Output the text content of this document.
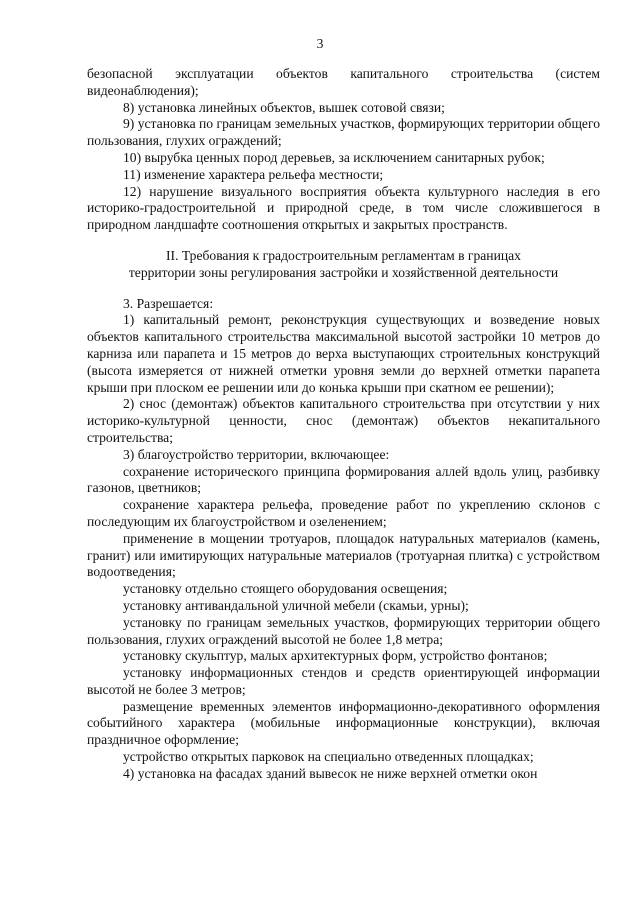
3

безопасной эксплуатации объектов капитального строительства (систем видеонаблюдения);

8) установка линейных объектов, вышек сотовой связи;

9) установка по границам земельных участков, формирующих территории общего пользования, глухих ограждений;

10) вырубка ценных пород деревьев, за исключением санитарных рубок;

11) изменение характера рельефа местности;

12) нарушение визуального восприятия объекта культурного наследия в его историко-градостроительной и природной среде, в том числе сложившегося в природном ландшафте соотношения открытых и закрытых пространств.

II. Требования к градостроительным регламентам в границах

территории зоны регулирования застройки и хозяйственной деятельности

3. Разрешается:

1) капитальный ремонт, реконструкция существующих и возведение новых объектов капитального строительства максимальной высотой застройки 10 метров до карниза или парапета и 15 метров до верха выступающих строительных конструкций (высота измеряется от нижней отметки уровня земли до верхней отметки парапета крыши при плоском ее решении или до конька крыши при скатном ее решении);

2) снос (демонтаж) объектов капитального строительства при отсутствии у них историко-культурной ценности, снос (демонтаж) объектов некапитального строительства;

3) благоустройство территории, включающее:

сохранение исторического принципа формирования аллей вдоль улиц, разбивку газонов, цветников;

сохранение характера рельефа, проведение работ по укреплению склонов с последующим их благоустройством и озеленением;

применение в мощении тротуаров, площадок натуральных материалов (камень, гранит) или имитирующих натуральные материалов (тротуарная плитка) с устройством водоотведения;

установку отдельно стоящего оборудования освещения;

установку антивандальной уличной мебели (скамьи, урны);

установку по границам земельных участков, формирующих территории общего пользования, глухих ограждений высотой не более 1,8 метра;

установку скульптур, малых архитектурных форм, устройство фонтанов;

установку информационных стендов и средств ориентирующей информации высотой не более 3 метров;

размещение временных элементов информационно-декоративного оформления событийного характера (мобильные информационные конструкции), включая праздничное оформление;

устройство открытых парковок на специально отведенных площадках;

4) установка на фасадах зданий вывесок не ниже верхней отметки окон
